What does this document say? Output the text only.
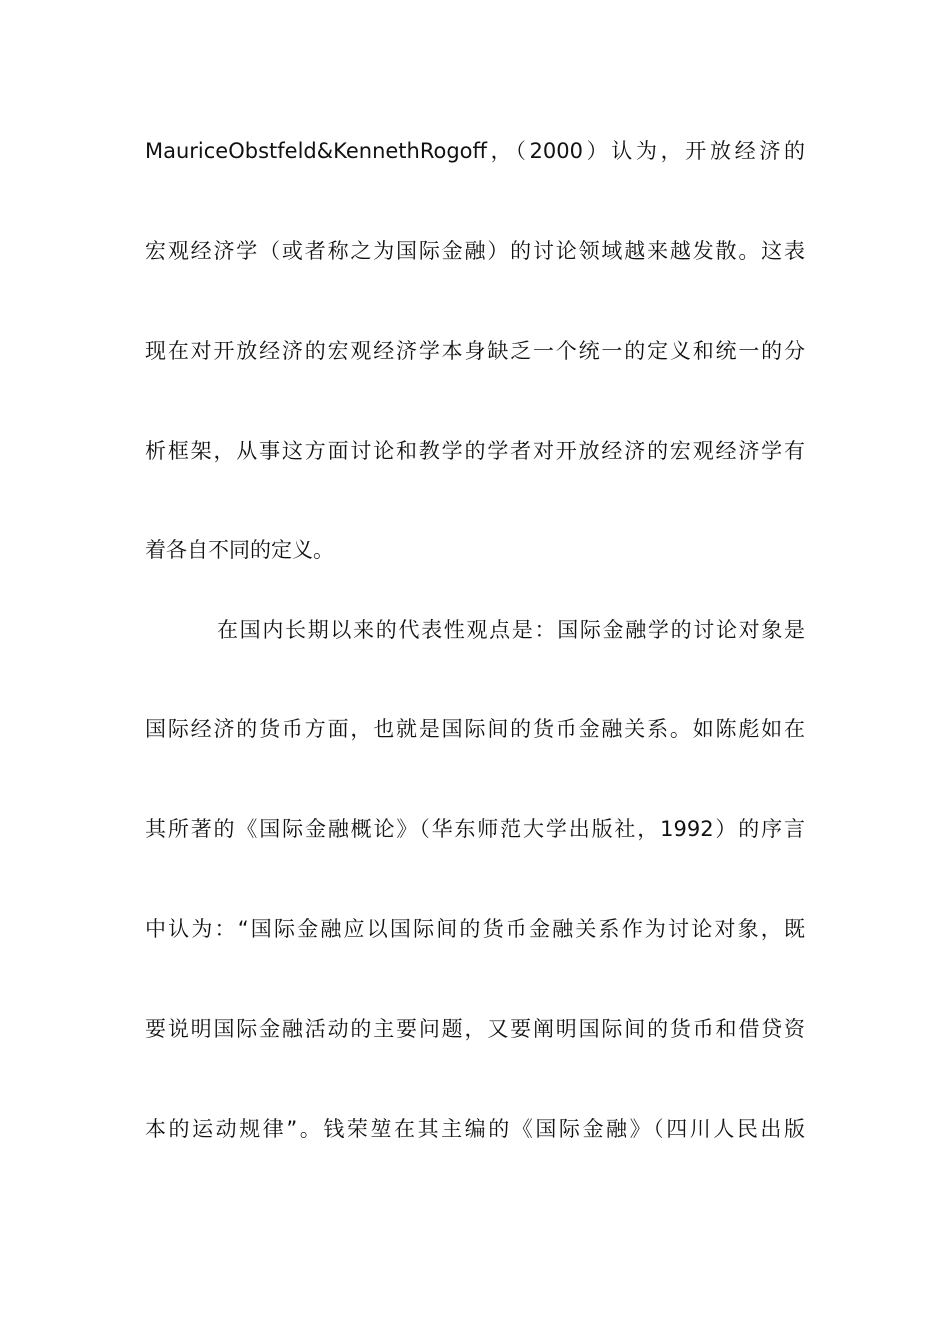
MauriceObstfeld&KennethRogoff，（2000）认为，开放经济的
宏观经济学（或者称之为国际金融）的讨论领域越来越发散。这表
现在对开放经济的宏观经济学本身缺乏一个统一的定义和统一的分
析框架，从事这方面讨论和教学的学者对开放经济的宏观经济学有
着各自不同的定义。
在国内长期以来的代表性观点是：国际金融学的讨论对象是
国际经济的货币方面，也就是国际间的货币金融关系。如陈彪如在
其所著的《国际金融概论》（华东师范大学出版社，1992）的序言
中认为：“国际金融应以国际间的货币金融关系作为讨论对象，既
要说明国际金融活动的主要问题，又要阐明国际间的货币和借贷资
本的运动规律”。钱荣堃在其主编的《国际金融》（四川人民出版
